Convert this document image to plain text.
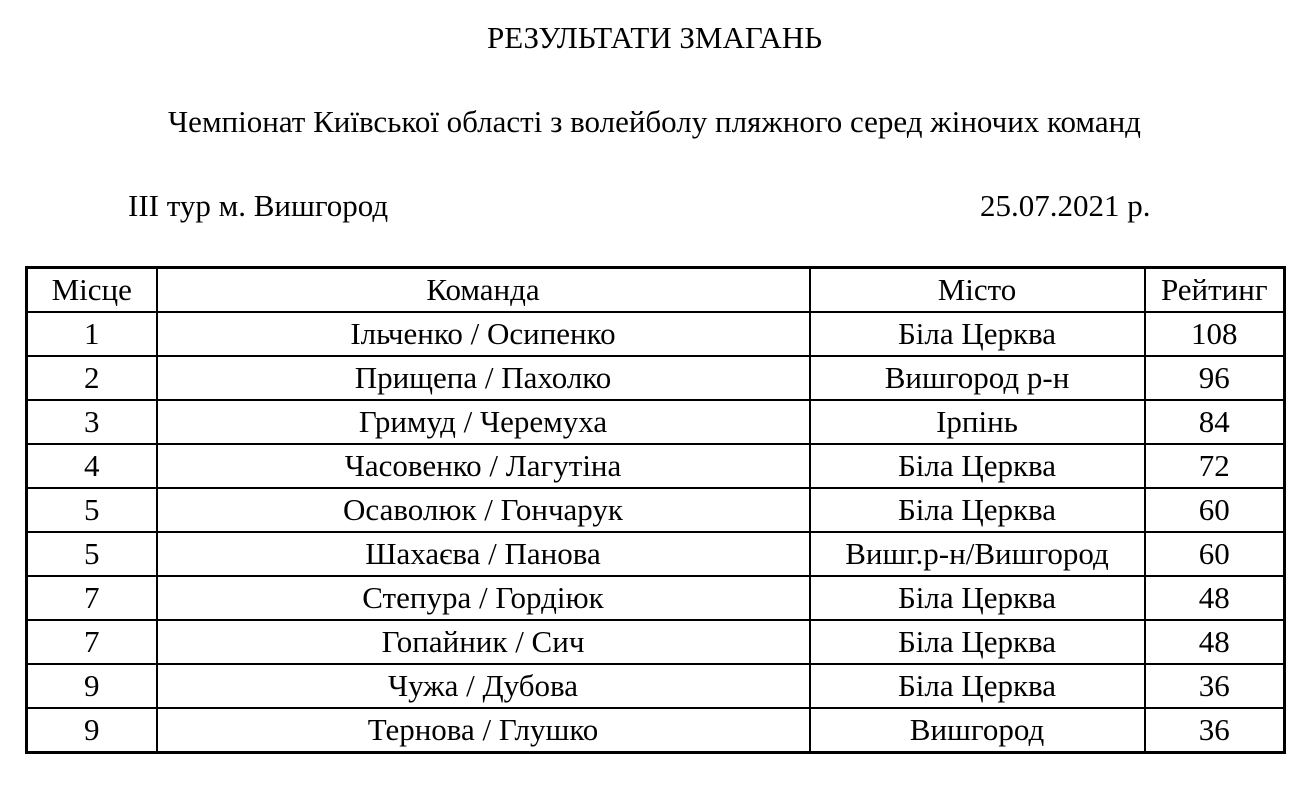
РЕЗУЛЬТАТИ ЗМАГАНЬ
Чемпіонат Київської області з волейболу пляжного серед жіночих команд
ІІІ тур м. Вишгород	25.07.2021 р.
Місце	Команда	Місто	Рейтинг
1	Ільченко / Осипенко	Біла Церква	108
2	Прищепа / Пахолко	Вишгород р-н	96
3	Гримуд / Черемуха	Ірпінь	84
4	Часовенко / Лагутіна	Біла Церква	72
5	Осаволюк / Гончарук	Біла Церква	60
5	Шахаєва / Панова	Вишг.р-н/Вишгород	60
7	Степура / Гордіюк	Біла Церква	48
7	Гопайник / Сич	Біла Церква	48
9	Чужа / Дубова	Біла Церква	36
9	Тернова / Глушко	Вишгород	36
